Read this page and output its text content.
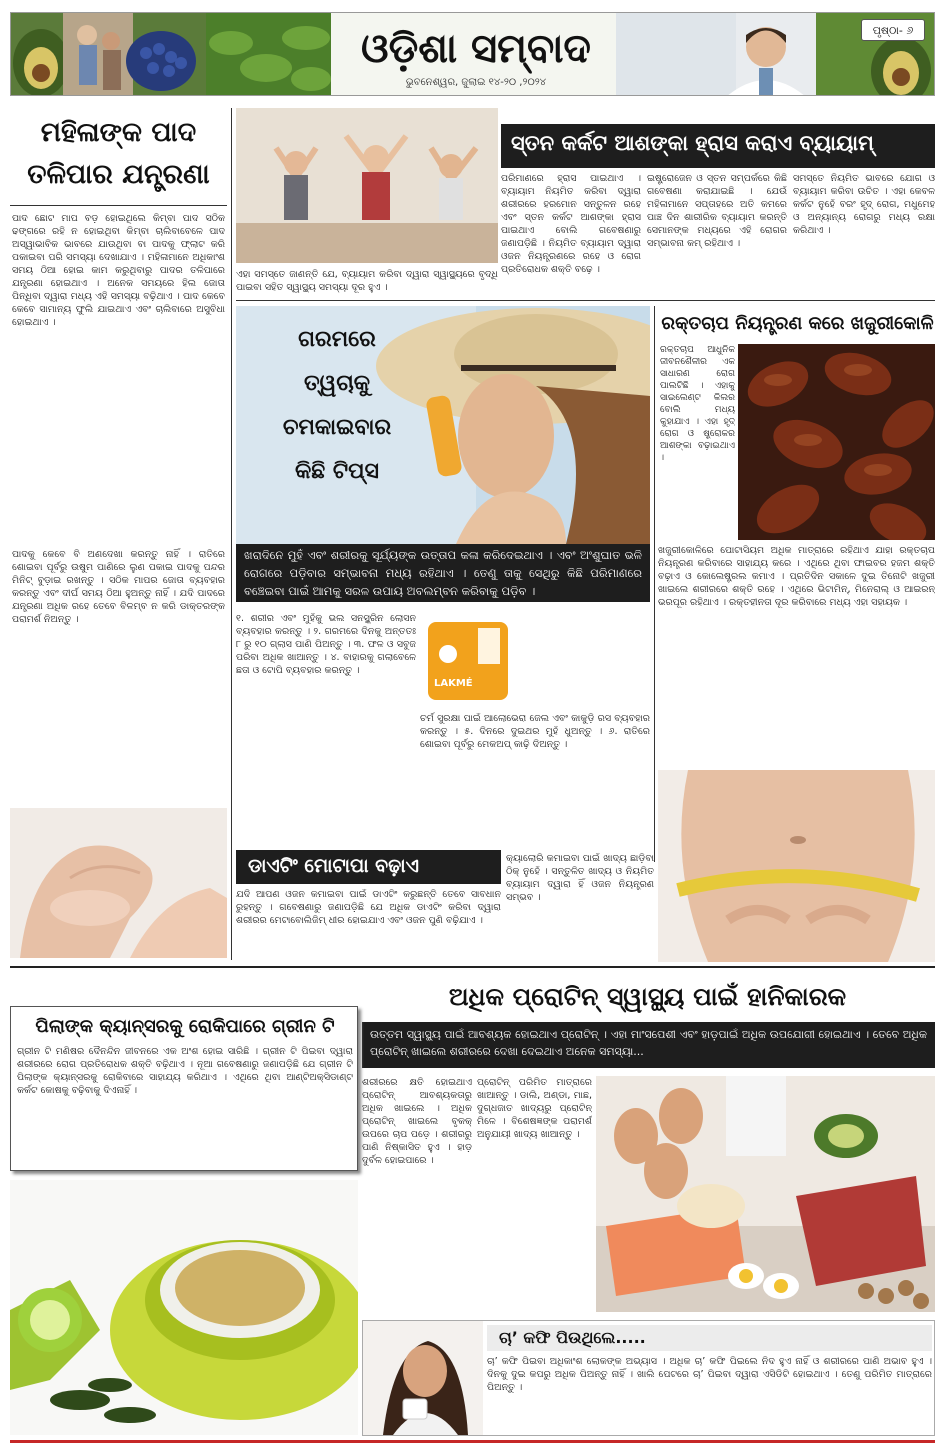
ଓଡ଼ିଶା ସମ୍ବାଦ
ଭୁବନେଶ୍ୱର, ଜୁଲାଇ ୧୪-୨୦ ,୨୦୨୪
ପୃଷ୍ଠା- ୬
ମହିଳାଙ୍କ ପାଦ ତଳିପାର ଯନ୍ତ୍ରଣା
ପାଦ ଛୋଟ ମାପ ବଡ଼ ହୋଇଥିଲେ କିମ୍ବା ପାଦ ସଠିକ ଢଙ୍ଗରେ ରହି ନ ହୋଇଥିବା କିମ୍ବା ଚାଲିବାବେଳେ ପାଦ ଅସ୍ୱାଭାବିକ ଭାବରେ ଯାଉଥିବା ବା ପାଦକୁ ଫ୍ଲାଟ କରି ପକାଇବା ପରି ସମସ୍ୟା ଦେଖାଯାଏ । ମହିଳାମାନେ ଅଧିକାଂଶ ସମୟ ଠିଆ ହୋଇ କାମ କରୁଥିବାରୁ ପାଦର ତଳିପାରେ ଯନ୍ତ୍ରଣା ହୋଇଥାଏ । ଅନେକ ସମୟରେ ହିଲ ଜୋତା ପିନ୍ଧିବା ଦ୍ୱାରା ମଧ୍ୟ ଏହି ସମସ୍ୟା ବଢ଼ିଥାଏ । ପାଦ କେବେ କେବେ ସାମାନ୍ୟ ଫୁଲି ଯାଇଥାଏ ଏବଂ ଚାଲିବାରେ ଅସୁବିଧା ହୋଇଥାଏ ।
ପାଦକୁ କେବେ ବି ଅଣଦେଖା କରନ୍ତୁ ନାହିଁ । ରାତିରେ ଶୋଇବା ପୂର୍ବରୁ ଉଷୁମ ପାଣିରେ ଲୁଣ ପକାଇ ପାଦକୁ ପନ୍ଦର ମିନିଟ୍ ବୁଡ଼ାଇ ରଖନ୍ତୁ । ସଠିକ ମାପର ଜୋତା ବ୍ୟବହାର କରନ୍ତୁ ଏବଂ ଦୀର୍ଘ ସମୟ ଠିଆ ହୁଅନ୍ତୁ ନାହିଁ । ଯଦି ପାଦରେ ଯନ୍ତ୍ରଣା ଅଧିକ ରହେ ତେବେ ବିଳମ୍ବ ନ କରି ଡାକ୍ତରଙ୍କ ପରାମର୍ଶ ନିଅନ୍ତୁ ।
ସ୍ତନ କର୍କଟ ଆଶଙ୍କା ହ୍ରାସ କରାଏ ବ୍ୟାୟାମ୍
ପରିମାଣରେ ହ୍ରାସ ପାଇଥାଏ । ବ୍ୟାୟାମ ନିୟମିତ କରିବା ଦ୍ୱାରା ଶରୀରରେ ହରମୋନ ସନ୍ତୁଳନ ରହେ ଏବଂ ସ୍ତନ କର୍କଟ ଆଶଙ୍କା ହ୍ରାସ ପାଇଥାଏ ବୋଲି ଗବେଷଣାରୁ ଜଣାପଡ଼ିଛି । ନିୟମିତ ବ୍ୟାୟାମ ଦ୍ୱାରା ଓଜନ ନିୟନ୍ତ୍ରଣରେ ରହେ ଓ ରୋଗ ପ୍ରତିରୋଧକ ଶକ୍ତି ବଢ଼େ ।
ଇଷ୍ଟ୍ରୋଜେନ ଓ ସ୍ତନ ସମ୍ପର୍କରେ କିଛି ଗବେଷଣା କରାଯାଇଛି । ଯେଉଁ ମହିଳାମାନେ ସପ୍ତାହରେ ଅତି କମରେ ପାଞ୍ଚ ଦିନ ଶାରୀରିକ ବ୍ୟାୟାମ କରନ୍ତି ସେମାନଙ୍କ ମଧ୍ୟରେ ଏହି ରୋଗର ସମ୍ଭାବନା କମ୍ ରହିଥାଏ ।
ସମସ୍ତେ ନିୟମିତ ଭାବରେ ଯୋଗ ଓ ବ୍ୟାୟାମ କରିବା ଉଚିତ । ଏହା କେବଳ କର୍କଟ ନୁହେଁ ବରଂ ହୃଦ୍ ରୋଗ, ମଧୁମେହ ଓ ଅନ୍ୟାନ୍ୟ ରୋଗରୁ ମଧ୍ୟ ରକ୍ଷା କରିଥାଏ ।
ଏହା ସମସ୍ତେ ଜାଣନ୍ତି ଯେ, ବ୍ୟାୟାମ କରିବା ଦ୍ୱାରା ସ୍ୱାସ୍ଥ୍ୟରେ ବୃଦ୍ଧି ପାଇବା ସହିତ ସ୍ୱାସ୍ଥ୍ୟ ସମସ୍ୟା ଦୂର ହୁଏ ।
ଗରମରେ ତ୍ୱଚାକୁ ଚମକାଇବାର କିଛି ଟିପ୍ସ
ଖରାଦିନେ ମୁହଁ ଏବଂ ଶରୀରକୁ ସୂର୍ଯ୍ୟଙ୍କ ଉତ୍ତାପ କଳା କରିଦେଇଥାଏ । ଏବଂ ଅଂଶୁଘାତ ଭଳି ରୋଗରେ ପଡ଼ିବାର ସମ୍ଭାବନା ମଧ୍ୟ ରହିଥାଏ । ତେଣୁ ତାକୁ ସେଥିରୁ କିଛି ପରିମାଣରେ ବଞ୍ଚେଇବା ପାଇଁ ଆମକୁ ସରଳ ଉପାୟ ଅବଲମ୍ବନ କରିବାକୁ ପଡ଼ିବ ।
୧. ଶରୀର ଏବଂ ମୁହଁକୁ ଭଲ ସନସ୍କ୍ରିନ ଲୋସନ ବ୍ୟବହାର କରନ୍ତୁ । ୨. ଗରମରେ ଦିନକୁ ଅନ୍ତତଃ ୮ ରୁ ୧୦ ଗ୍ଲାସ ପାଣି ପିଅନ୍ତୁ । ୩. ଫଳ ଓ ସବୁଜ ପରିବା ଅଧିକ ଖାଆନ୍ତୁ । ୪. ବାହାରକୁ ଗଲାବେଳେ ଛତା ଓ ଟୋପି ବ୍ୟବହାର କରନ୍ତୁ ।
LAKMÉ
ଚର୍ମ ସୁରକ୍ଷା ପାଇଁ ଆଲୋଭେରା ଜେଲ ଏବଂ କାକୁଡ଼ି ରସ ବ୍ୟବହାର କରନ୍ତୁ । ୫. ଦିନରେ ଦୁଇଥର ମୁହଁ ଧୁଅନ୍ତୁ । ୬. ରାତିରେ ଶୋଇବା ପୂର୍ବରୁ ମେକଅପ୍ କାଢ଼ି ଦିଅନ୍ତୁ ।
ରକ୍ତଚାପ ନିୟନ୍ତ୍ରଣ କରେ ଖଜୁରୀକୋଳି
ରକ୍ତଚାପ ଆଧୁନିକ ଜୀବନଶୈଳୀର ଏକ ସାଧାରଣ ରୋଗ ପାଲଟିଛି । ଏହାକୁ ସାଇଲେଣ୍ଟ କିଲର ବୋଲି ମଧ୍ୟ କୁହାଯାଏ । ଏହା ହୃଦ୍ ରୋଗ ଓ ଷ୍ଟ୍ରୋକର ଆଶଙ୍କା ବଢ଼ାଇଥାଏ ।
ଖଜୁରୀକୋଳିରେ ପୋଟାସିୟମ ଅଧିକ ମାତ୍ରାରେ ରହିଥାଏ ଯାହା ରକ୍ତଚାପ ନିୟନ୍ତ୍ରଣ କରିବାରେ ସାହାଯ୍ୟ କରେ । ଏଥିରେ ଥିବା ଫାଇବର ହଜମ ଶକ୍ତି ବଢ଼ାଏ ଓ କୋଲେଷ୍ଟ୍ରଲ କମାଏ । ପ୍ରତିଦିନ ସକାଳେ ଦୁଇ ତିନୋଟି ଖଜୁରୀ ଖାଇଲେ ଶରୀରରେ ଶକ୍ତି ରହେ । ଏଥିରେ ଭିଟାମିନ୍, ମିନେରାଲ୍ ଓ ଆଇରନ୍ ଭରପୂର ରହିଥାଏ । ରକ୍ତହୀନତା ଦୂର କରିବାରେ ମଧ୍ୟ ଏହା ସହାୟକ ।
ଡାଏଟିଂ ମୋଟାପା ବଢ଼ାଏ
ଯଦି ଆପଣ ଓଜନ କମାଇବା ପାଇଁ ଡାଏଟିଂ କରୁଛନ୍ତି ତେବେ ସାବଧାନ ରୁହନ୍ତୁ । ଗବେଷଣାରୁ ଜଣାପଡ଼ିଛି ଯେ ଅଧିକ ଡାଏଟିଂ କରିବା ଦ୍ୱାରା ଶରୀରର ମେଟାବୋଲିଜିମ୍ ଧୀର ହୋଇଯାଏ ଏବଂ ଓଜନ ପୁଣି ବଢ଼ିଯାଏ ।
କ୍ୟାଲୋରି କମାଇବା ପାଇଁ ଖାଦ୍ୟ ଛାଡ଼ିବା ଠିକ୍ ନୁହେଁ । ସନ୍ତୁଳିତ ଖାଦ୍ୟ ଓ ନିୟମିତ ବ୍ୟାୟାମ ଦ୍ୱାରା ହିଁ ଓଜନ ନିୟନ୍ତ୍ରଣ ସମ୍ଭବ ।
ଅଧିକ ପ୍ରୋଟିନ୍ ସ୍ୱାସ୍ଥ୍ୟ ପାଇଁ ହାନିକାରକ
ଉତ୍ତମ ସ୍ୱାସ୍ଥ୍ୟ ପାଇଁ ଆବଶ୍ୟକ ହୋଇଥାଏ ପ୍ରୋଟିନ୍ । ଏହା ମାଂସପେଶୀ ଏବଂ ହାଡ଼ପାଇଁ ଅଧିକ ଉପଯୋଗୀ ହୋଇଥାଏ । ତେବେ ଅଧିକ ପ୍ରୋଟିନ୍ ଖାଇଲେ ଶରୀରରେ ଦେଖା ଦେଇଥାଏ ଅନେକ ସମସ୍ୟା...
ଶରୀରରେ କ୍ଷତି ହୋଇଥାଏ ପ୍ରୋଟିନ୍ ଆବଶ୍ୟକତାରୁ ଅଧିକ ଖାଇଲେ । ଅଧିକ ପ୍ରୋଟିନ୍ ଖାଇଲେ ବୃକକ୍ ଉପରେ ଚାପ ପଡ଼େ । ଶରୀରରୁ ପାଣି ନିଷ୍କାସିତ ହୁଏ । ହାଡ଼ ଦୁର୍ବଳ ହୋଇପାରେ ।
ପ୍ରୋଟିନ୍ ପରିମିତ ମାତ୍ରାରେ ଖାଆନ୍ତୁ । ଡାଲି, ଅଣ୍ଡା, ମାଛ, ଦୁଗ୍ଧଜାତ ଖାଦ୍ୟରୁ ପ୍ରୋଟିନ୍ ମିଳେ । ବିଶେଷଜ୍ଞଙ୍କ ପରାମର୍ଶ ଅନୁଯାୟୀ ଖାଦ୍ୟ ଖାଆନ୍ତୁ ।
ପିଲାଙ୍କ କ୍ୟାନ୍ସରକୁ ରୋକିପାରେ ଗ୍ରୀନ ଟି
ଗ୍ରୀନ ଟି ମଣିଷର ଦୈନନ୍ଦିନ ଜୀବନରେ ଏକ ଅଂଶ ହୋଇ ସାରିଛି । ଗ୍ରୀନ ଟି ପିଇବା ଦ୍ୱାରା ଶରୀରରେ ରୋଗ ପ୍ରତିରୋଧକ ଶକ୍ତି ବଢ଼ିଥାଏ । ନୂଆ ଗବେଷଣାରୁ ଜଣାପଡ଼ିଛି ଯେ ଗ୍ରୀନ ଟି ପିଲାଙ୍କ କ୍ୟାନ୍ସରକୁ ରୋକିବାରେ ସାହାଯ୍ୟ କରିଥାଏ । ଏଥିରେ ଥିବା ଆଣ୍ଟିଅକ୍ସିଡାଣ୍ଟ କର୍କଟ କୋଷକୁ ବଢ଼ିବାକୁ ଦିଏନାହିଁ ।
ଚା’ କଫି ପିଉଥିଲେ.....
ଚା’ କଫି ପିଇବା ଅଧିକାଂଶ ଲୋକଙ୍କ ଅଭ୍ୟାସ । ଅଧିକ ଚା’ କଫି ପିଇଲେ ନିଦ ହୁଏ ନାହିଁ ଓ ଶରୀରରେ ପାଣି ଅଭାବ ହୁଏ । ଦିନକୁ ଦୁଇ କପରୁ ଅଧିକ ପିଅନ୍ତୁ ନାହିଁ । ଖାଲି ପେଟରେ ଚା’ ପିଇବା ଦ୍ୱାରା ଏସିଡିଟି ହୋଇଥାଏ । ତେଣୁ ପରିମିତ ମାତ୍ରାରେ ପିଅନ୍ତୁ ।
